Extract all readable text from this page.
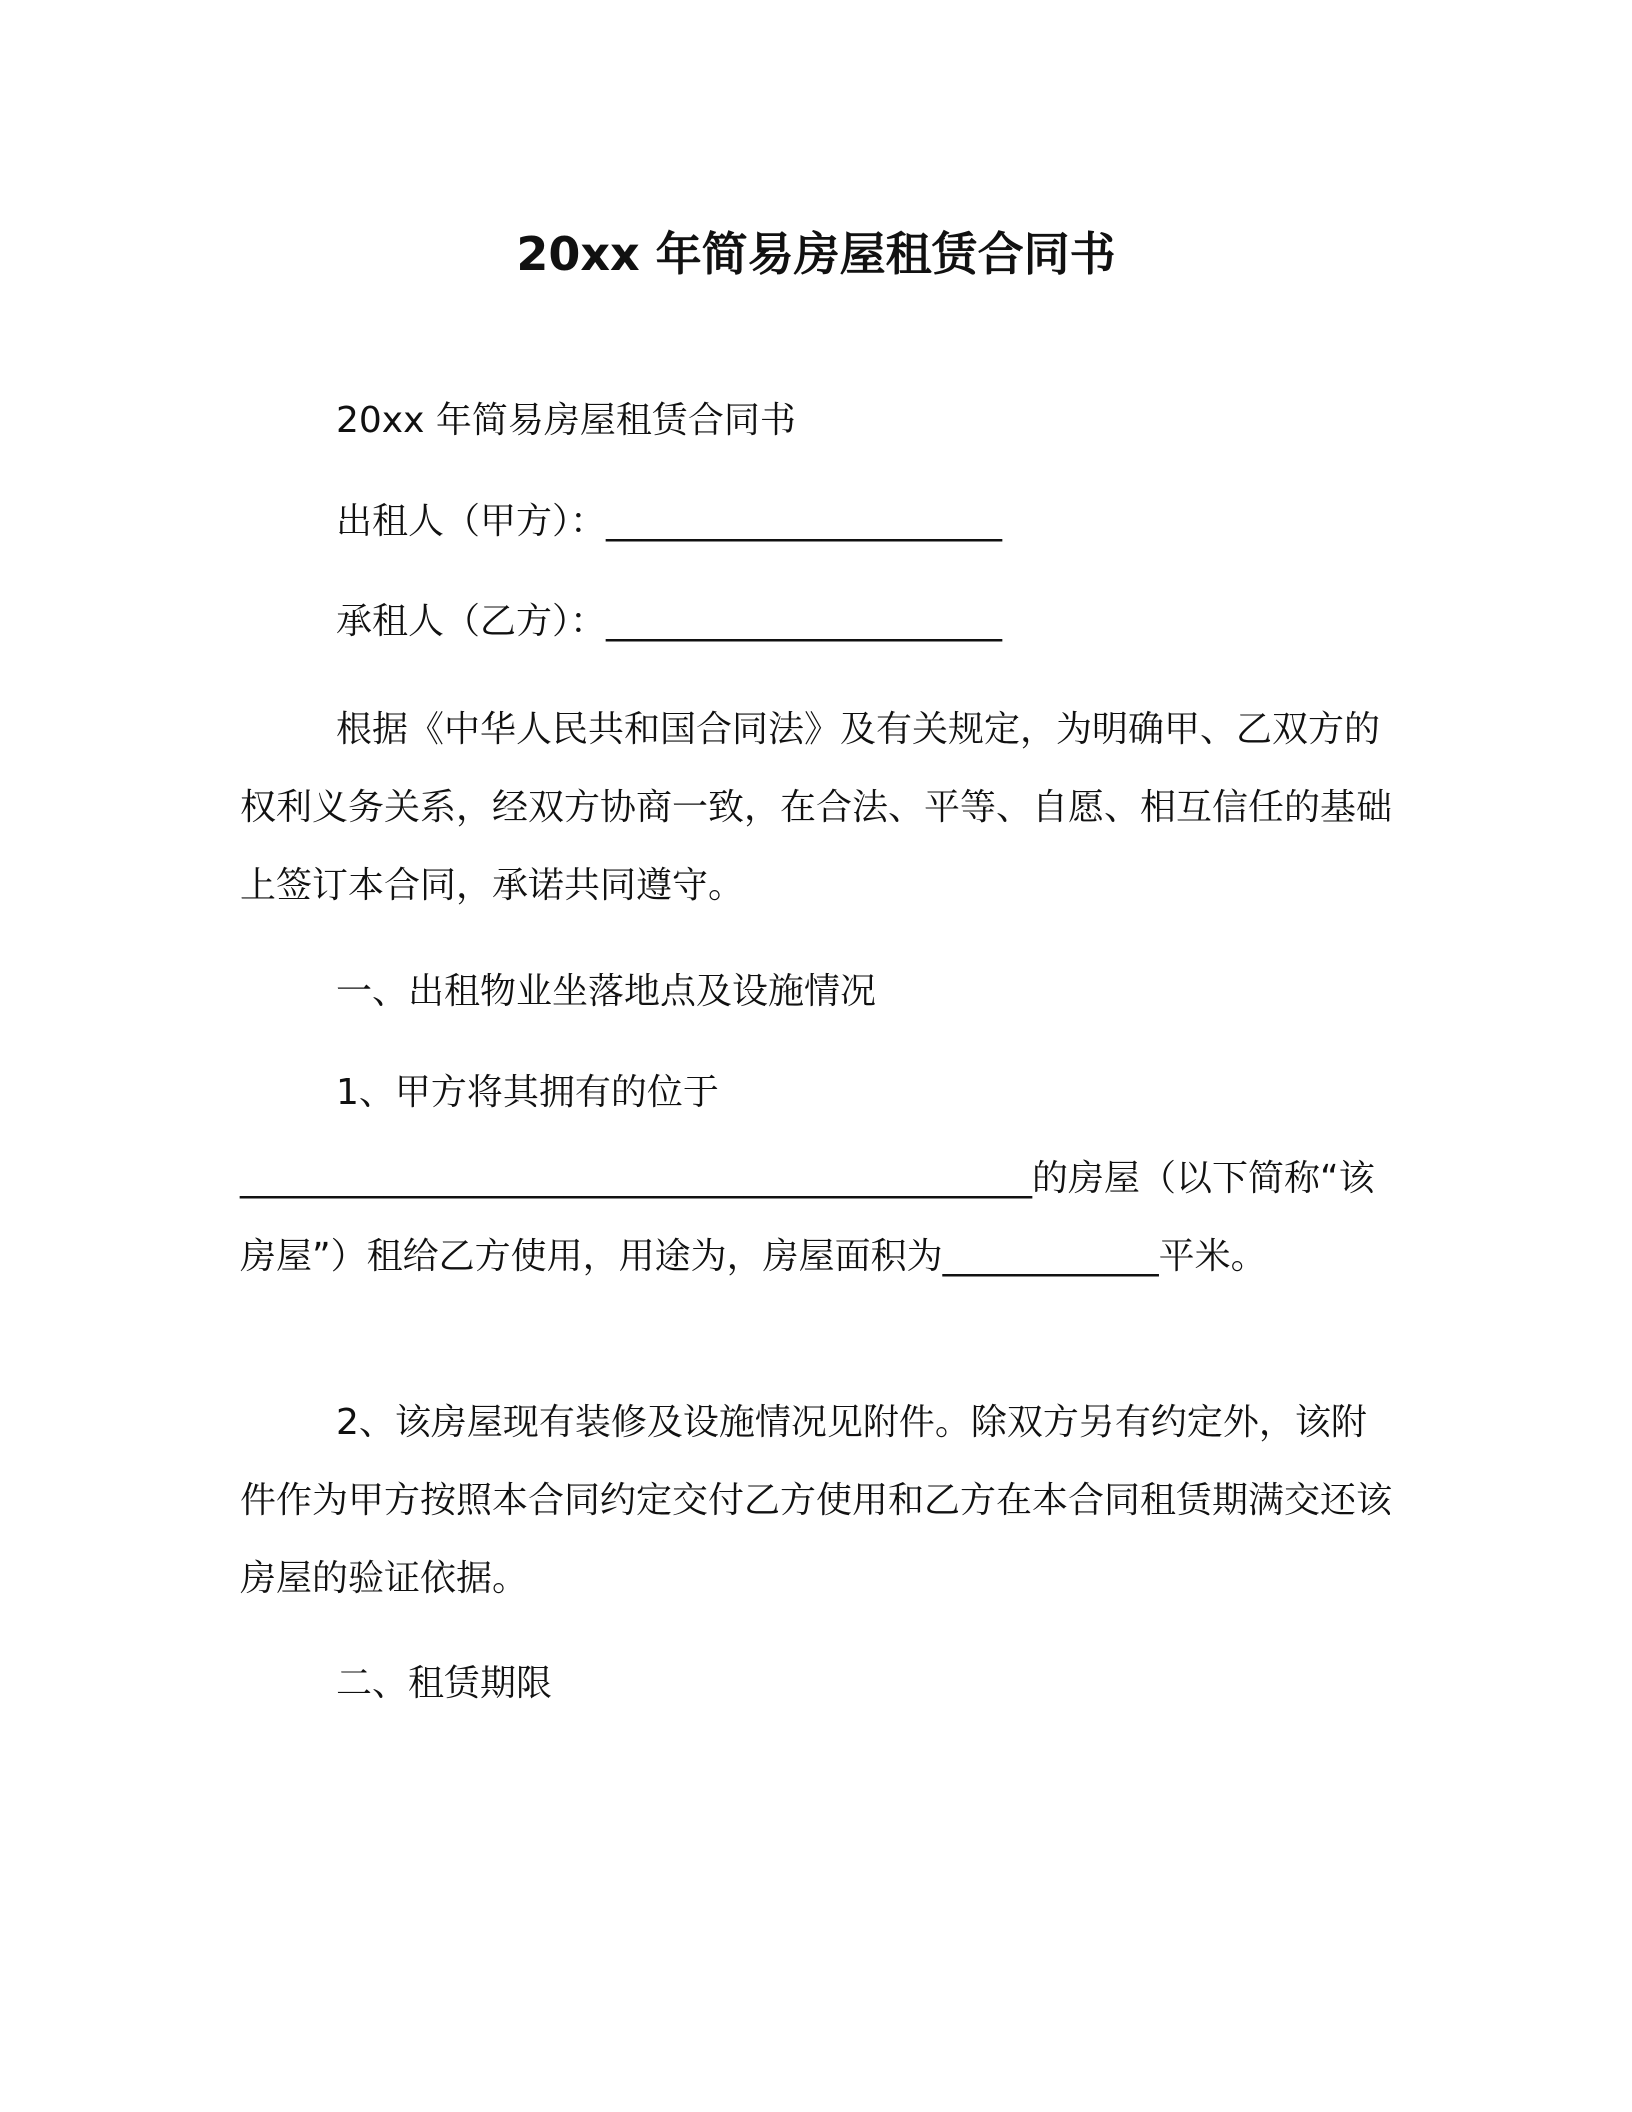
20xx 年简易房屋租赁合同书

20xx 年简易房屋租赁合同书

出租人（甲方）：______________________

承租人（乙方）：______________________

根据《中华人民共和国合同法》及有关规定，为明确甲、乙双方的权利义务关系，经双方协商一致，在合法、平等、自愿、相互信任的基础上签订本合同，承诺共同遵守。

一、出租物业坐落地点及设施情况

1、甲方将其拥有的位于

____________________________________________的房屋（以下简称“该房屋”）租给乙方使用，用途为，房屋面积为____________平米。

2、该房屋现有装修及设施情况见附件。除双方另有约定外，该附件作为甲方按照本合同约定交付乙方使用和乙方在本合同租赁期满交还该房屋的验证依据。

二、租赁期限
